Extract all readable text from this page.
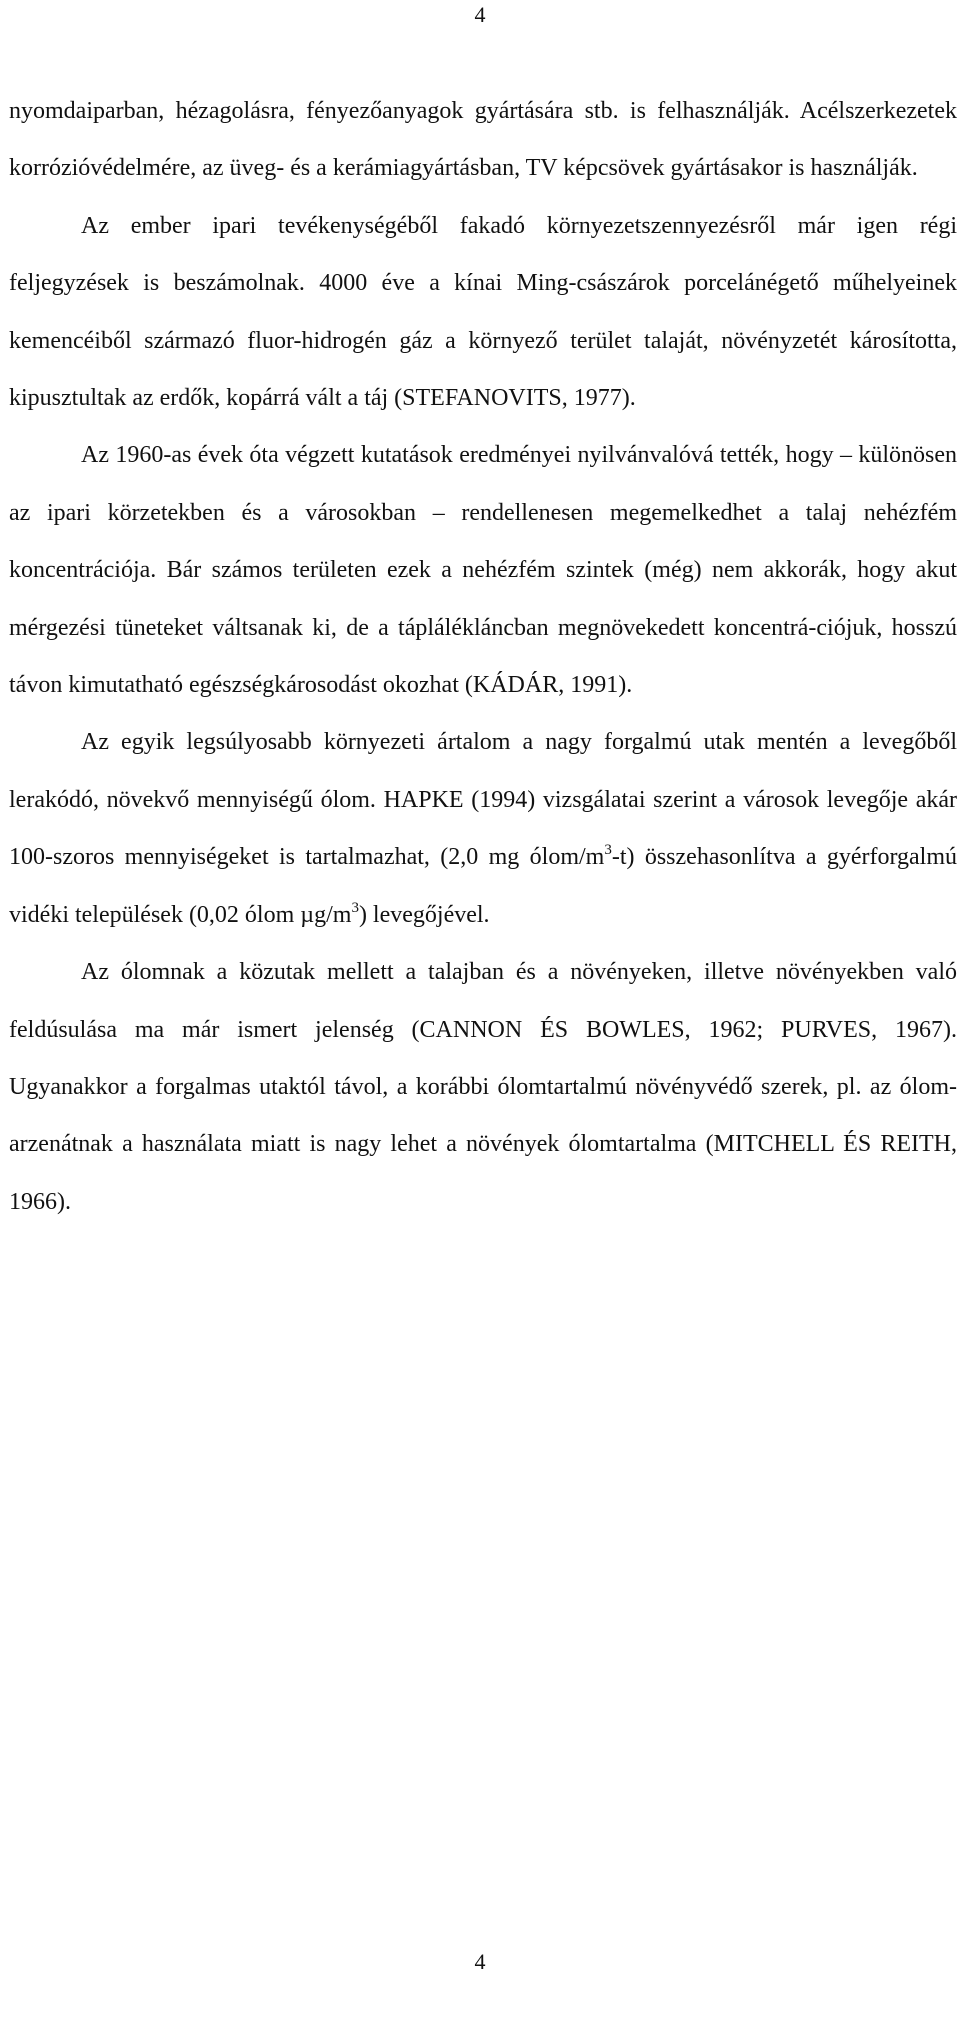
4

nyomdaiparban, hézagolásra, fényezőanyagok gyártására stb. is felhasználják. Acélszerkezetek korrózióvédelmére, az üveg- és a kerámiagyártásban, TV képcsövek gyártásakor is használják.

Az ember ipari tevékenységéből fakadó környezetszennyezésről már igen régi feljegyzések is beszámolnak. 4000 éve a kínai Ming-császárok porcelánégető műhelyeinek kemencéiből származó fluor-hidrogén gáz a környező terület talaját, növényzetét károsította, kipusztultak az erdők, kopárrá vált a táj (STEFANOVITS, 1977).

Az 1960-as évek óta végzett kutatások eredményei nyilvánvalóvá tették, hogy – különösen az ipari körzetekben és a városokban – rendellenesen megemelkedhet a talaj nehézfém koncentrációja. Bár számos területen ezek a nehézfém szintek (még) nem akkorák, hogy akut mérgezési tüneteket váltsanak ki, de a táplálékláncban megnövekedett koncentrá-ciójuk, hosszú távon kimutatható egészségkárosodást okozhat (KÁDÁR, 1991).

Az egyik legsúlyosabb környezeti ártalom a nagy forgalmú utak mentén a levegőből lerakódó, növekvő mennyiségű ólom. HAPKE (1994) vizsgálatai szerint a városok levegője akár 100-szoros mennyiségeket is tartalmazhat, (2,0 mg ólom/$m^3-t$) összehasonlítva a gyérforgalmú vidéki települések (0,02 ólom $\mu g/m^3$) levegőjével.

Az ólomnak a közutak mellett a talajban és a növényeken, illetve növényekben való feldúsulása ma már ismert jelenség (CANNON ÉS BOWLES, 1962; PURVES, 1967). Ugyanakkor a forgalmas utaktól távol, a korábbi ólomtartalmú növényvédő szerek, pl. az ólom-arzenátnak a használata miatt is nagy lehet a növények ólomtartalma (MITCHELL ÉS REITH, 1966).

4
